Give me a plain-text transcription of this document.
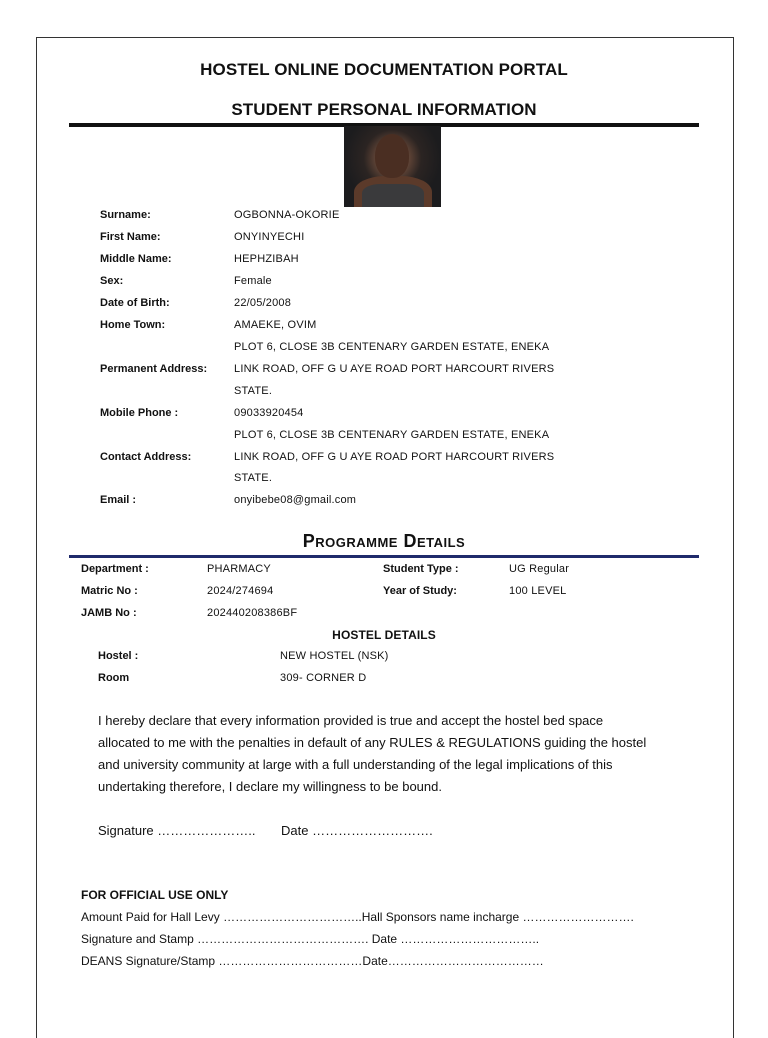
HOSTEL ONLINE DOCUMENTATION PORTAL
STUDENT PERSONAL INFORMATION
Surname:	OGBONNA-OKORIE
First Name:	ONYINYECHI
Middle Name:	HEPHZIBAH
Sex:	Female
Date of Birth:	22/05/2008
Home Town:	AMAEKE, OVIM
PLOT 6, CLOSE 3B CENTENARY GARDEN ESTATE, ENEKA
Permanent Address: LINK ROAD, OFF G U AYE ROAD PORT HARCOURT RIVERS
STATE.
Mobile Phone :	09033920454
PLOT 6, CLOSE 3B CENTENARY GARDEN ESTATE, ENEKA
Contact Address:	LINK ROAD, OFF G U AYE ROAD PORT HARCOURT RIVERS
STATE.
Email :	onyibebe08@gmail.com
Programme Details
Department :	PHARMACY	Student Type :	UG Regular
Matric No :	2024/274694	Year of Study:	100 LEVEL
JAMB No :	202440208386BF
HOSTEL DETAILS
Hostel :	NEW HOSTEL (NSK)
Room	309- CORNER D
I hereby declare that every information provided is true and accept the hostel bed space
allocated to me with the penalties in default of any RULES & REGULATIONS guiding the hostel
and university community at large with a full understanding of the legal implications of this
undertaking therefore, I declare my willingness to be bound.
Signature ………………….. Date ……………………….
FOR OFFICIAL USE ONLY
Amount Paid for Hall Levy ……………………………..Hall Sponsors name incharge ……………………….
Signature and Stamp ……………………………………. Date ……………………………..
DEANS Signature/Stamp ………………………………Date…………………………………
